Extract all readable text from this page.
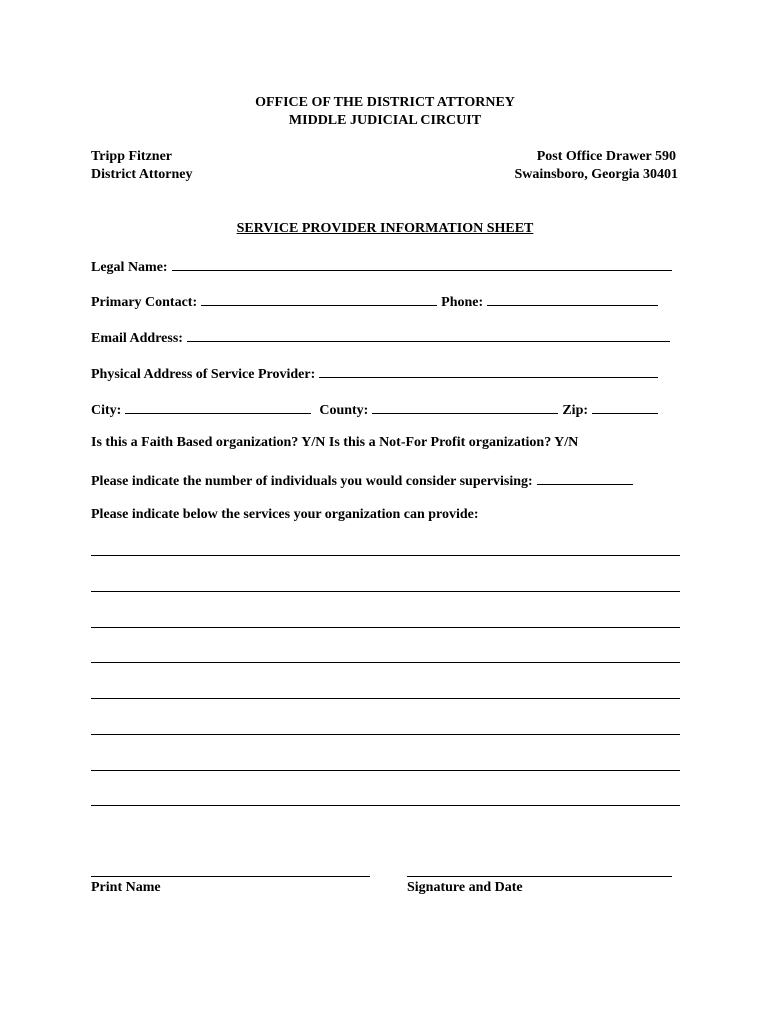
OFFICE OF THE DISTRICT ATTORNEY
MIDDLE JUDICIAL CIRCUIT
Tripp Fitzner
District Attorney
Post Office Drawer 590
Swainsboro, Georgia 30401
SERVICE PROVIDER INFORMATION SHEET
Legal Name:
Primary Contact:	Phone:
Email Address:
Physical Address of Service Provider:
City:	County:	Zip:
Is this a Faith Based organization? Y/N Is this a Not-For Profit organization? Y/N
Please indicate the number of individuals you would consider supervising:
Please indicate below the services your organization can provide:
Print Name	Signature and Date
